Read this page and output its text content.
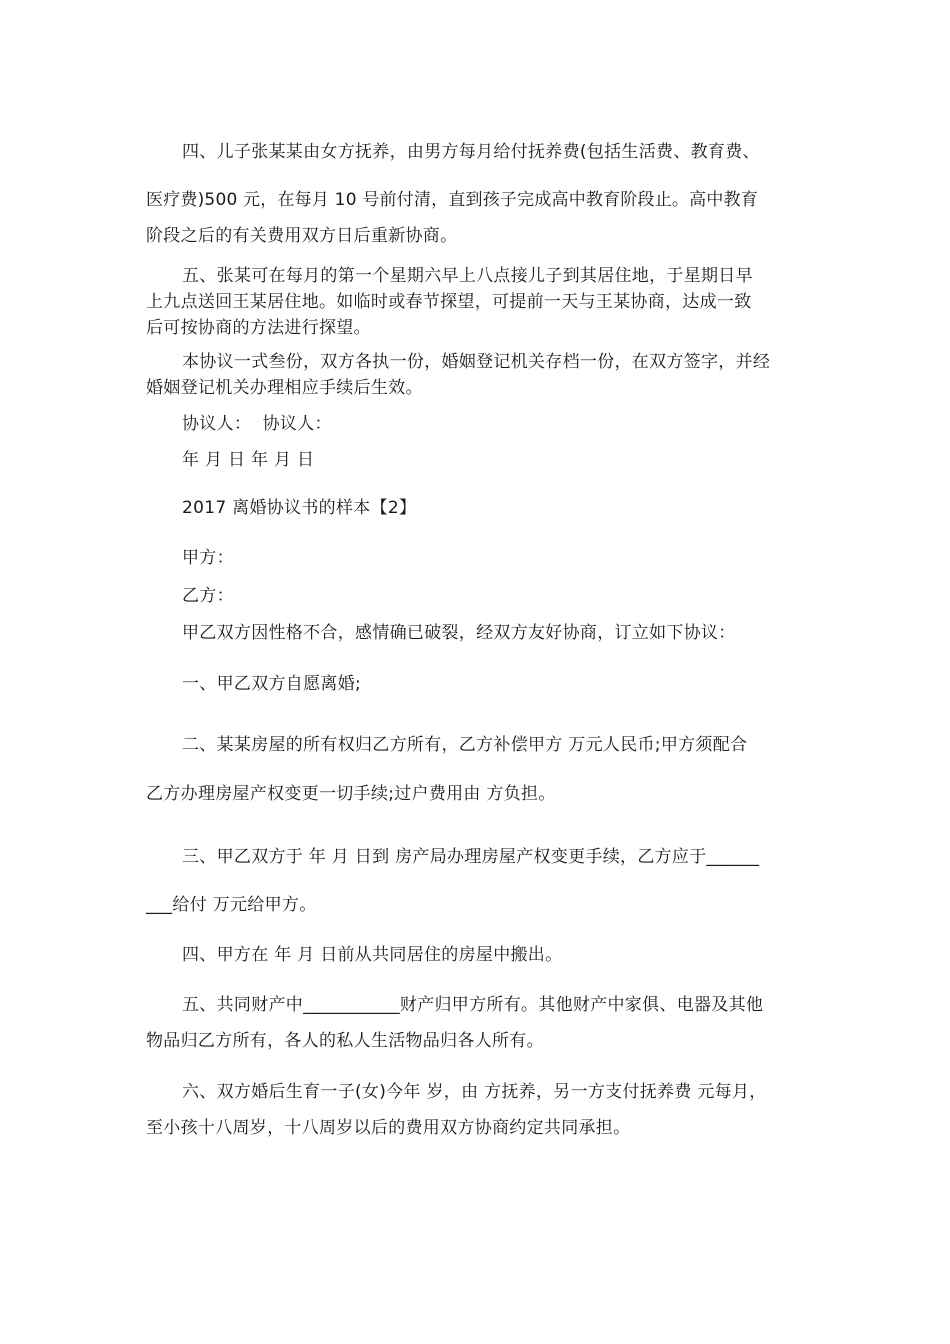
四、儿子张某某由女方抚养，由男方每月给付抚养费(包括生活费、教育费、
医疗费)500 元，在每月 10 号前付清，直到孩子完成高中教育阶段止。高中教育
阶段之后的有关费用双方日后重新协商。
五、张某可在每月的第一个星期六早上八点接儿子到其居住地，于星期日早
上九点送回王某居住地。如临时或春节探望，可提前一天与王某协商，达成一致
后可按协商的方法进行探望。
本协议一式叁份，双方各执一份，婚姻登记机关存档一份，在双方签字，并经
婚姻登记机关办理相应手续后生效。
协议人：  协议人：
年 月 日 年 月 日
2017 离婚协议书的样本【2】
甲方：
乙方：
甲乙双方因性格不合，感情确已破裂，经双方友好协商，订立如下协议：
一、甲乙双方自愿离婚;
二、某某房屋的所有权归乙方所有，乙方补偿甲方 万元人民币;甲方须配合
乙方办理房屋产权变更一切手续;过户费用由 方负担。
三、甲乙双方于 年 月 日到 房产局办理房屋产权变更手续，乙方应于______
___给付 万元给甲方。
四、甲方在 年 月 日前从共同居住的房屋中搬出。
五、共同财产中___________财产归甲方所有。其他财产中家俱、电器及其他
物品归乙方所有，各人的私人生活物品归各人所有。
六、双方婚后生育一子(女)今年 岁，由 方抚养，另一方支付抚养费 元每月，
至小孩十八周岁，十八周岁以后的费用双方协商约定共同承担。
